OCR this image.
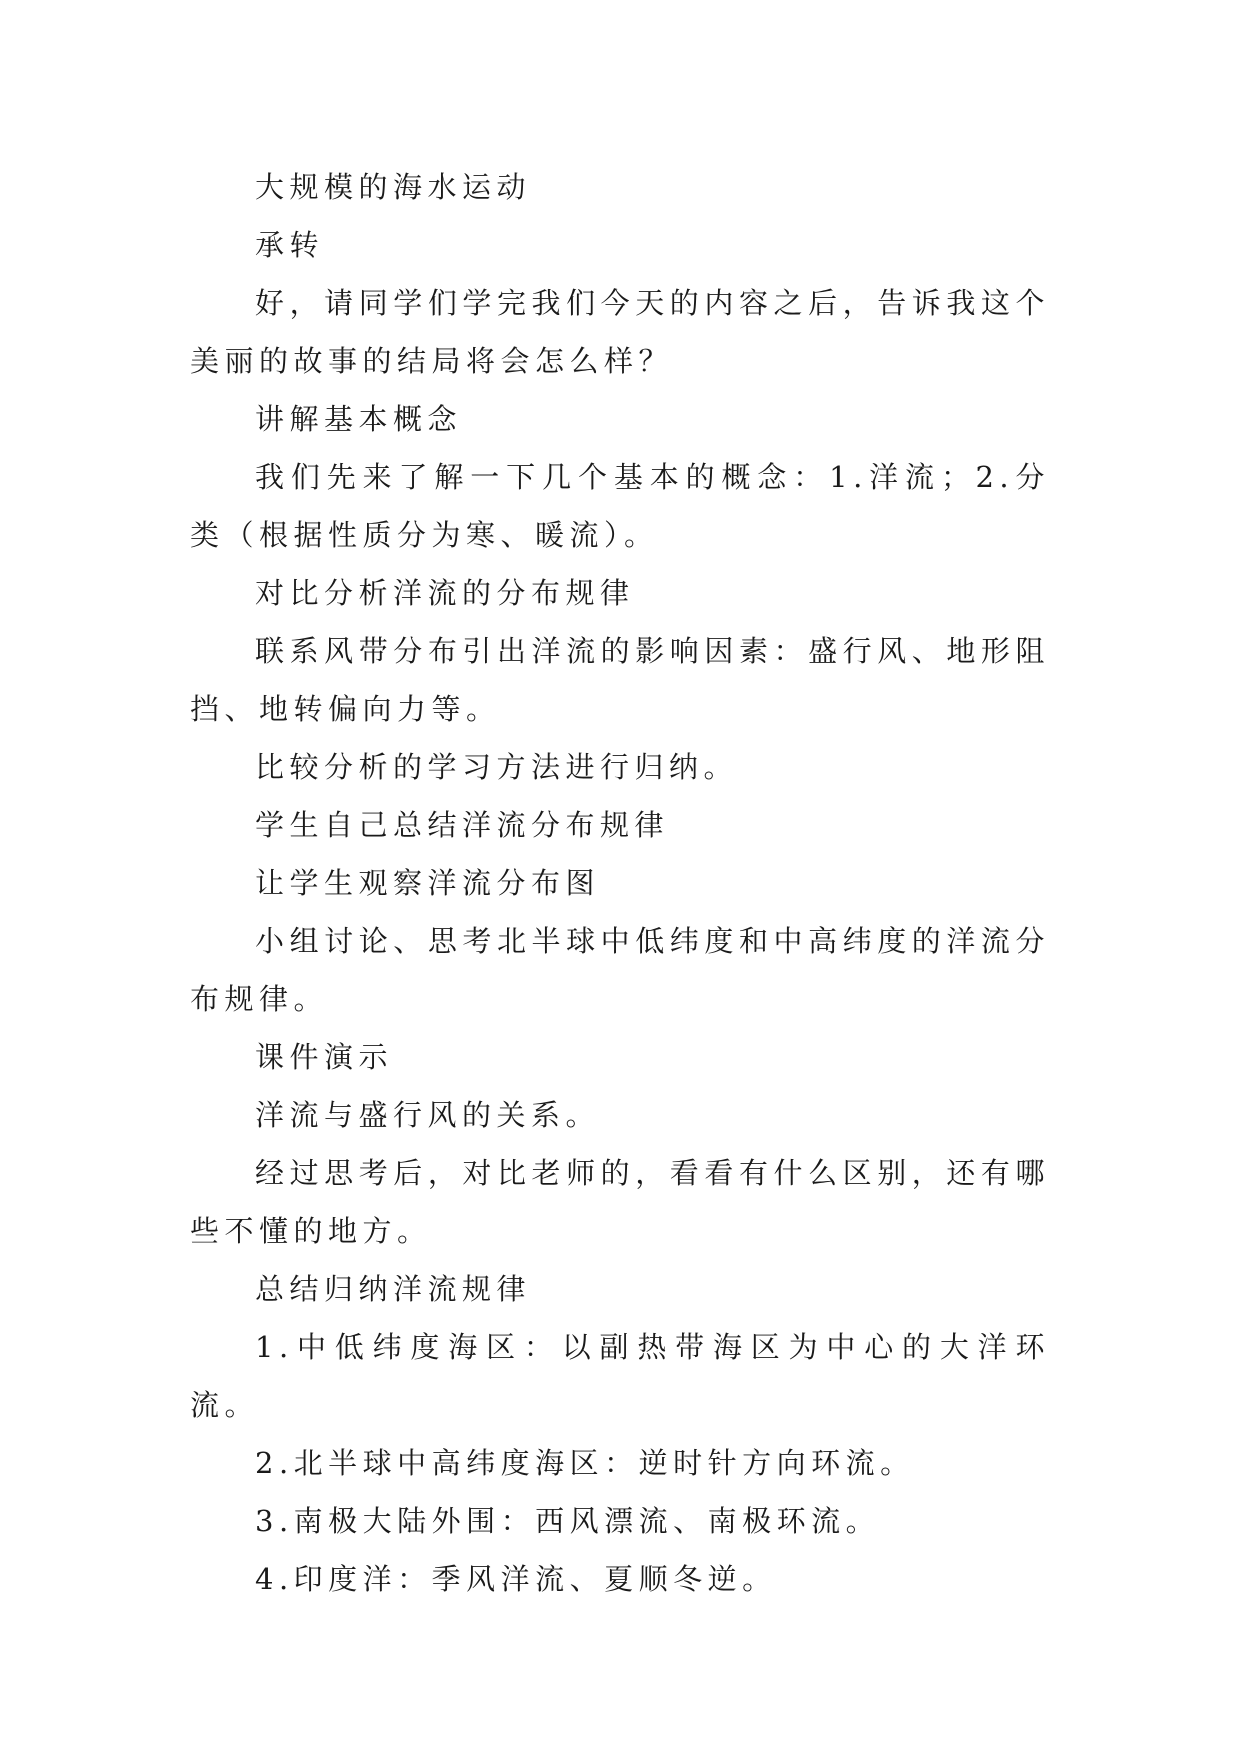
大规模的海水运动

承转

好，请同学们学完我们今天的内容之后，告诉我这个美丽的故事的结局将会怎么样？

讲解基本概念

我们先来了解一下几个基本的概念：1.洋流；2.分类（根据性质分为寒、暖流）。

对比分析洋流的分布规律

联系风带分布引出洋流的影响因素：盛行风、地形阻挡、地转偏向力等。

比较分析的学习方法进行归纳。

学生自己总结洋流分布规律

让学生观察洋流分布图

小组讨论、思考北半球中低纬度和中高纬度的洋流分布规律。

课件演示

洋流与盛行风的关系。

经过思考后，对比老师的，看看有什么区别，还有哪些不懂的地方。

总结归纳洋流规律

1.中低纬度海区：以副热带海区为中心的大洋环流。

2.北半球中高纬度海区：逆时针方向环流。

3.南极大陆外围：西风漂流、南极环流。

4.印度洋：季风洋流、夏顺冬逆。
